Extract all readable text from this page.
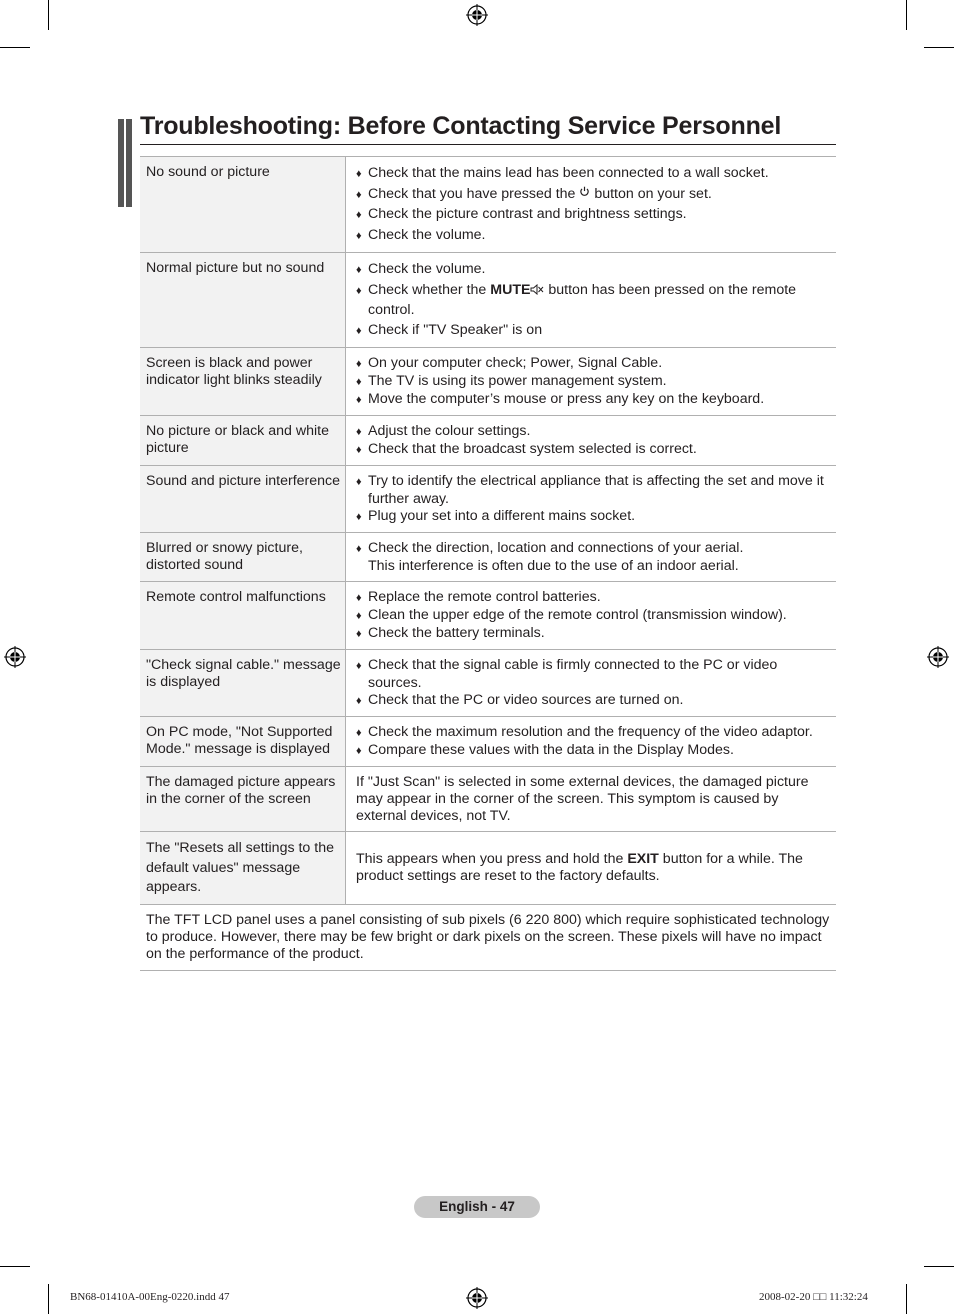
Troubleshooting: Before Contacting Service Personnel
No sound or picture	♦ Check that the mains lead has been connected to a wall socket.
♦ Check that you have pressed the  button on your set.
♦ Check the picture contrast and brightness settings.
♦ Check the volume.

Normal picture but no sound	♦ Check the volume.
♦ Check whether the MUTE button has been pressed on the remote control.
♦ Check if "TV Speaker" is on

Screen is black and power indicator light blinks steadily	♦ On your computer check; Power, Signal Cable.
♦ The TV is using its power management system.
♦ Move the computer’s mouse or press any key on the keyboard.

No picture or black and white picture	♦ Adjust the colour settings.
♦ Check that the broadcast system selected is correct.

Sound and picture interference	♦ Try to identify the electrical appliance that is affecting the set and move it further away.
♦ Plug your set into a different mains socket.

Blurred or snowy picture, distorted sound	♦ Check the direction, location and connections of your aerial.
This interference is often due to the use of an indoor aerial.

Remote control malfunctions	♦ Replace the remote control batteries.
♦ Clean the upper edge of the remote control (transmission window).
♦ Check the battery terminals.

"Check signal cable." message is displayed	♦ Check that the signal cable is firmly connected to the PC or video sources.
♦ Check that the PC or video sources are turned on.

On PC mode, "Not Supported Mode." message is displayed	♦ Check the maximum resolution and the frequency of the video adaptor.
♦ Compare these values with the data in the Display Modes.

The damaged picture appears in the corner of the screen	If "Just Scan" is selected in some external devices, the damaged picture may appear in the corner of the screen. This symptom is caused by external devices, not TV.
The "Resets all settings to the default values" message appears.	This appears when you press and hold the EXIT button for a while. The product settings are reset to the factory defaults.
The TFT LCD panel uses a panel consisting of sub pixels (6 220 800) which require sophisticated technology to produce. However, there may be few bright or dark pixels on the screen. These pixels will have no impact on the performance of the product.	
English - 47
BN68-01410A-00Eng-0220.indd 47	2008-02-20 □□ 11:32:24
